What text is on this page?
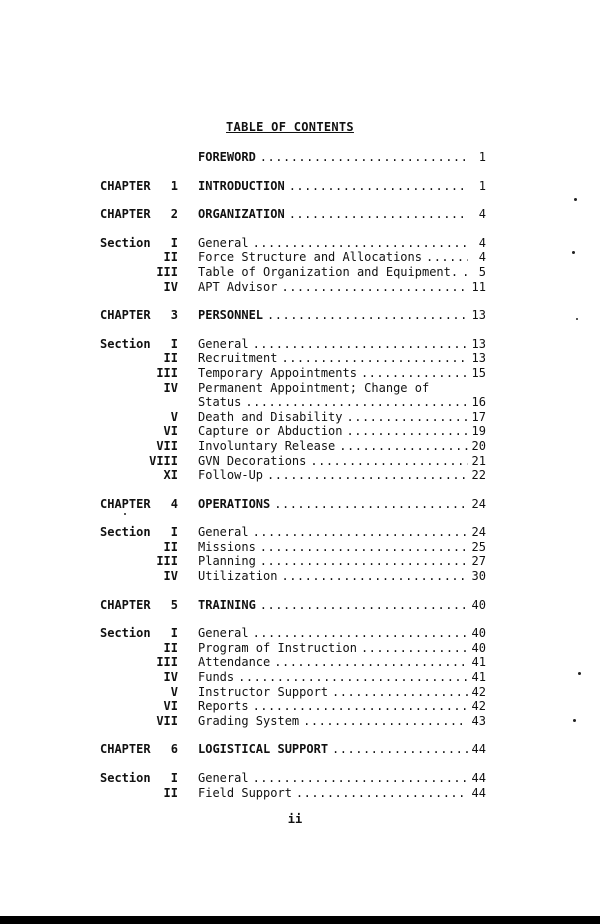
TABLE OF CONTENTS
FOREWORD .....	1
CHAPTER 1 INTRODUCTION .....	1
CHAPTER 2 ORGANIZATION .....	4
Section I General .....	4
II Force Structure and Allocations .....	4
III Table of Organization and Equipment. .....	5
IV APT Advisor .....	11
CHAPTER 3 PERSONNEL .....	13
Section I General .....	13
II Recruitment .....	13
III Temporary Appointments .....	15
IV Permanent Appointment; Change of
Status .....	16
V Death and Disability .....	17
VI Capture or Abduction .....	19
VII Involuntary Release .....	20
VIII GVN Decorations .....	21
XI Follow-Up .....	22
CHAPTER 4 OPERATIONS .....	24
Section I General .....	24
II Missions .....	25
III Planning .....	27
IV Utilization .....	30
CHAPTER 5 TRAINING .....	40
Section I General .....	40
II Program of Instruction .....	40
III Attendance .....	41
IV Funds .....	41
V Instructor Support .....	42
VI Reports .....	42
VII Grading System .....	43
CHAPTER 6 LOGISTICAL SUPPORT .....	44
Section I General .....	44
II Field Support .....	44
ii
